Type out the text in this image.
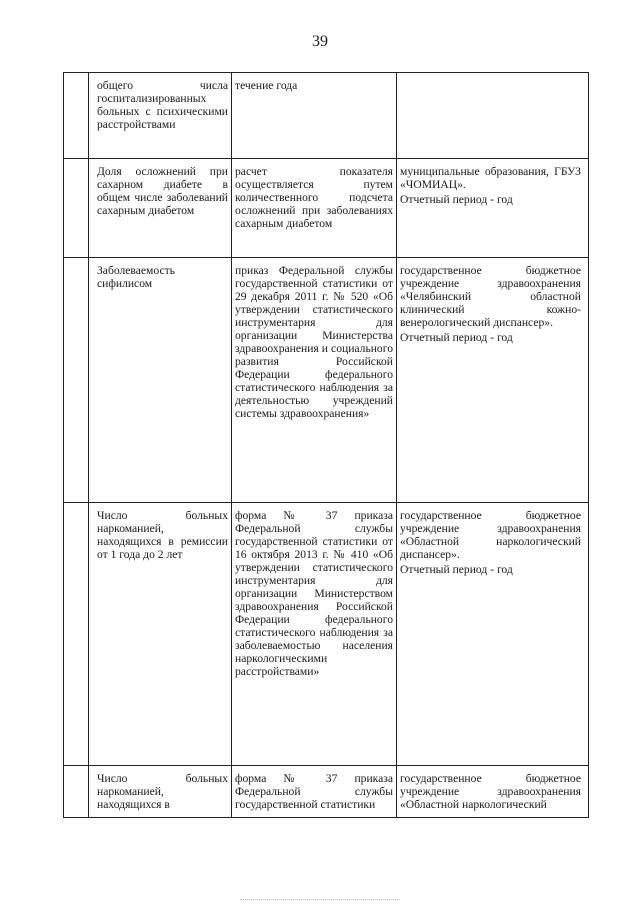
39

	общего числа госпитализированных больных с психическими расстройствами	течение года	

	Доля осложнений при сахарном диабете в общем числе заболеваний сахарным диабетом	расчет показателя осуществляется путем количественного подсчета осложнений при заболеваниях сахарным диабетом	муниципальные образования, ГБУЗ «ЧОМИАЦ».

Отчетный период - год

	Заболеваемость сифилисом	приказ Федеральной службы государственной статистики от 29 декабря 2011 г. № 520 «Об утверждении статистического инструментария для организации Министерства здравоохранения и социального развития Российской Федерации федерального статистического наблюдения за деятельностью учреждений системы здравоохранения»	государственное бюджетное учреждение здравоохранения «Челябинский областной клинический кожно-венерологический диспансер».

Отчетный период - год

	Число больных наркоманией, находящихся в ремиссии от 1 года до 2 лет	форма № 37 приказа Федеральной службы государственной статистики от 16 октября 2013 г. № 410 «Об утверждении статистического инструментария для организации Министерством здравоохранения Российской Федерации федерального статистического наблюдения за заболеваемостью населения наркологическими расстройствами»	государственное бюджетное учреждение здравоохранения «Областной наркологический диспансер».

Отчетный период - год

	Число больных наркоманией, находящихся в	форма № 37 приказа Федеральной службы государственной статистики	государственное бюджетное учреждение здравоохранения «Областной наркологический
